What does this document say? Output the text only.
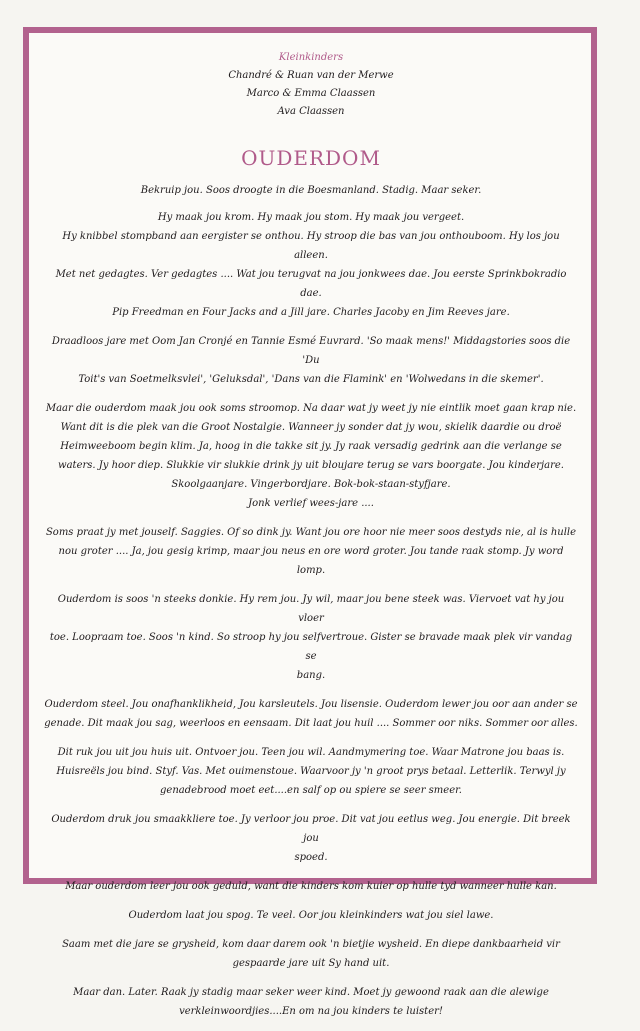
Kleinkinders
Chandré & Ruan van der Merwe
Marco & Emma Claassen
Ava Claassen
OUDERDOM

Bekruip jou. Soos droogte in die Boesmanland. Stadig. Maar seker.

Hy maak jou krom. Hy maak jou stom. Hy maak jou vergeet.
Hy knibbel stompband aan eergister se onthou. Hy stroop die bas van jou onthouboom. Hy los jou alleen.
Met net gedagtes. Ver gedagtes .... Wat jou terugvat na jou jonkwees dae. Jou eerste Sprinkbokradio dae.
Pip Freedman en Four Jacks and a Jill jare. Charles Jacoby en Jim Reeves jare.

Draadloos jare met Oom Jan Cronjé en Tannie Esmé Euvrard. 'So maak mens!' Middagstories soos die 'Du
Toit's van Soetmelksvlei', 'Geluksdal', 'Dans van die Flamink' en 'Wolwedans in die skemer'.

Maar die ouderdom maak jou ook soms stroomop. Na daar wat jy weet jy nie eintlik moet gaan krap nie.
Want dit is die plek van die Groot Nostalgie. Wanneer jy sonder dat jy wou, skielik daardie ou droë
Heimweeboom begin klim. Ja, hoog in die takke sit jy. Jy raak versadig gedrink aan die verlange se
waters. Jy hoor diep. Slukkie vir slukkie drink jy uit bloujare terug se vars boorgate. Jou kinderjare.
Skoolgaanjare. Vingerbordjare. Bok-bok-staan-styfjare.
Jonk verlief wees-jare ....

Soms praat jy met jouself. Saggies. Of so dink jy. Want jou ore hoor nie meer soos destyds nie, al is hulle
nou groter .... Ja, jou gesig krimp, maar jou neus en ore word groter. Jou tande raak stomp. Jy word lomp.

Ouderdom is soos 'n steeks donkie. Hy rem jou. Jy wil, maar jou bene steek was. Viervoet vat hy jou vloer
toe. Loopraam toe. Soos 'n kind. So stroop hy jou selfvertroue. Gister se bravade maak plek vir vandag se
bang.

Ouderdom steel. Jou onafhanklikheid, Jou karsleutels. Jou lisensie. Ouderdom lewer jou oor aan ander se
genade. Dit maak jou sag, weerloos en eensaam. Dit laat jou huil .... Sommer oor niks. Sommer oor alles.

Dit ruk jou uit jou huis uit. Ontvoer jou. Teen jou wil. Aandmymering toe. Waar Matrone jou baas is.
Huisreëls jou bind. Styf. Vas. Met ouimenstoue. Waarvoor jy 'n groot prys betaal. Letterlik. Terwyl jy
genadebrood moet eet....en salf op ou spiere se seer smeer.

Ouderdom druk jou smaakkliere toe. Jy verloor jou proe. Dit vat jou eetlus weg. Jou energie. Dit breek jou
spoed.

Maar ouderdom leer jou ook geduld, want die kinders kom kuier op hulle tyd wanneer hulle kan.

Ouderdom laat jou spog. Te veel. Oor jou kleinkinders wat jou siel lawe.

Saam met die jare se grysheid, kom daar darem ook 'n bietjie wysheid. En diepe dankbaarheid vir
gespaarde jare uit Sy hand uit.

Maar dan. Later. Raak jy stadig maar seker weer kind. Moet jy gewoond raak aan die alewige
verkleinwoordjies....En om na jou kinders te luister!
